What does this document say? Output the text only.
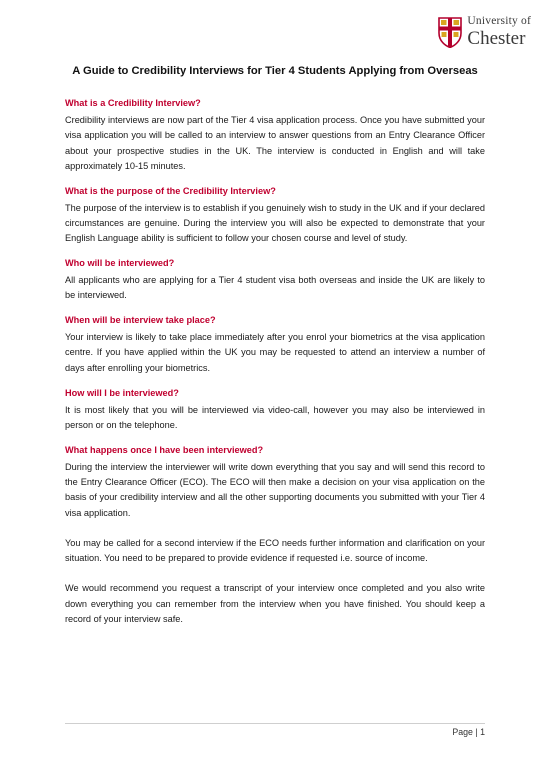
University of
Chester
A Guide to Credibility Interviews for Tier 4 Students Applying from Overseas
What is a Credibility Interview?

Credibility interviews are now part of the Tier 4 visa application process. Once you have submitted your visa application you will be called to an interview to answer questions from an Entry Clearance Officer about your prospective studies in the UK. The interview is conducted in English and will take approximately 10-15 minutes.

What is the purpose of the Credibility Interview?

The purpose of the interview is to establish if you genuinely wish to study in the UK and if your declared circumstances are genuine. During the interview you will also be expected to demonstrate that your English Language ability is sufficient to follow your chosen course and level of study.

Who will be interviewed?

All applicants who are applying for a Tier 4 student visa both overseas and inside the UK are likely to be interviewed.

When will be interview take place?

Your interview is likely to take place immediately after you enrol your biometrics at the visa application centre. If you have applied within the UK you may be requested to attend an interview a number of days after enrolling your biometrics.

How will I be interviewed?

It is most likely that you will be interviewed via video-call, however you may also be interviewed in person or on the telephone.

What happens once I have been interviewed?

During the interview the interviewer will write down everything that you say and will send this record to the Entry Clearance Officer (ECO). The ECO will then make a decision on your visa application on the basis of your credibility interview and all the other supporting documents you submitted with your Tier 4 visa application.

You may be called for a second interview if the ECO needs further information and clarification on your situation. You need to be prepared to provide evidence if requested i.e. source of income.

We would recommend you request a transcript of your interview once completed and you also write down everything you can remember from the interview when you have finished. You should keep a record of your interview safe.

Page | 1
